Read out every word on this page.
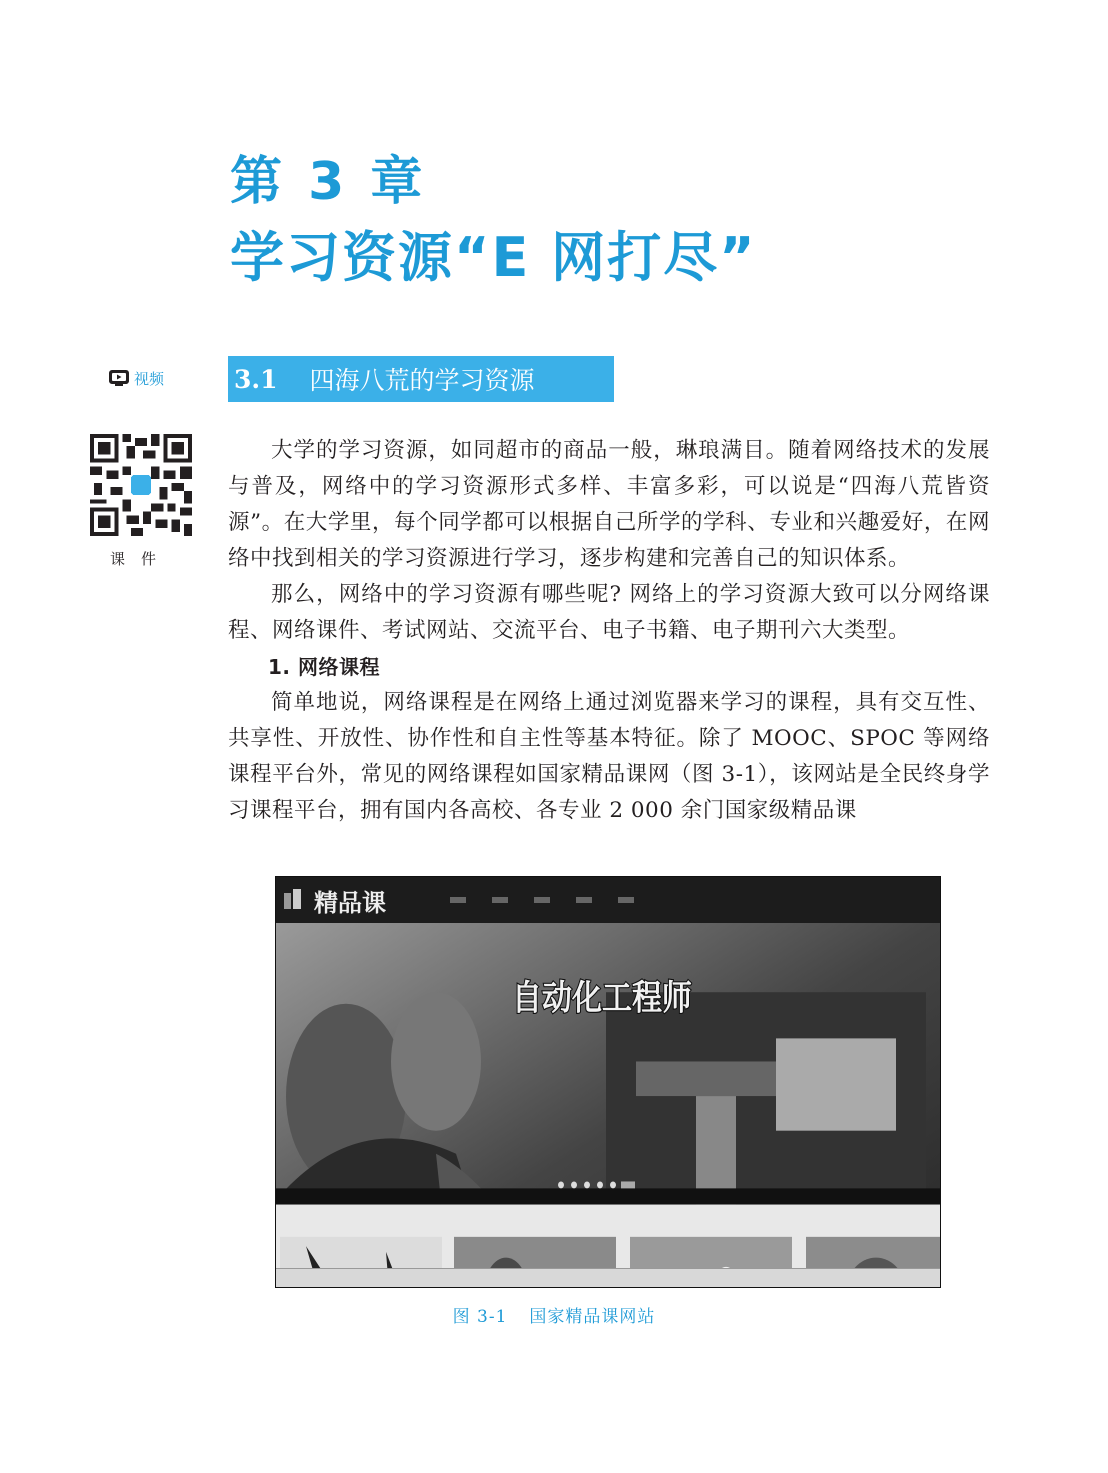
第 3 章
学习资源“E 网打尽”
视频	3.1 四海八荒的学习资源
课件

大学的学习资源，如同超市的商品一般，琳琅满目。随着网络技术的发展与普及，网络中的学习资源形式多样、丰富多彩，可以说是“四海八荒皆资源”。在大学里，每个同学都可以根据自己所学的学科、专业和兴趣爱好，在网络中找到相关的学习资源进行学习，逐步构建和完善自己的知识体系。

那么，网络中的学习资源有哪些呢? 网络上的学习资源大致可以分网络课程、网络课件、考试网站、交流平台、电子书籍、电子期刊六大类型。

1. 网络课程

简单地说，网络课程是在网络上通过浏览器来学习的课程，具有交互性、共享性、开放性、协作性和自主性等基本特征。除了 MOOC、SPOC 等网络课程平台外，常见的网络课程如国家精品课网（图 3-1），该网站是全民终身学习课程平台，拥有国内各高校、各专业 2 000 余门国家级精品课

精品课
自动化工程师
图 3-1 国家精品课网站
